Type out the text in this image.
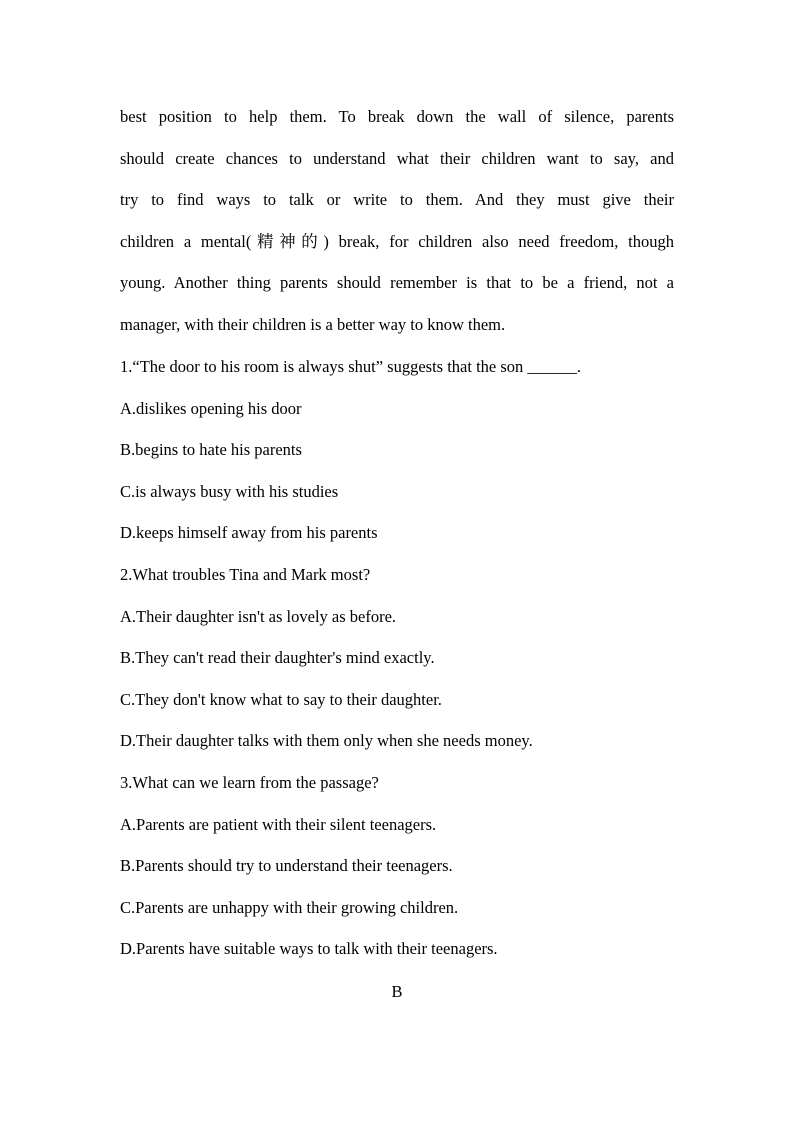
best position to help them. To break down the wall of silence, parents
should create chances to understand what their children want to say, and
try to find ways to talk or write to them. And they must give their
children a mental(精神的) break, for children also need freedom, though
young. Another thing parents should remember is that to be a friend, not a
manager, with their children is a better way to know them.

1.“The door to his room is always shut” suggests that the son ______.
A.dislikes opening his door
B.begins to hate his parents
C.is always busy with his studies
D.keeps himself away from his parents
2.What troubles Tina and Mark most?
A.Their daughter isn't as lovely as before.
B.They can't read their daughter's mind exactly.
C.They don't know what to say to their daughter.
D.Their daughter talks with them only when she needs money.
3.What can we learn from the passage?
A.Parents are patient with their silent teenagers.
B.Parents should try to understand their teenagers.
C.Parents are unhappy with their growing children.
D.Parents have suitable ways to talk with their teenagers.
B
